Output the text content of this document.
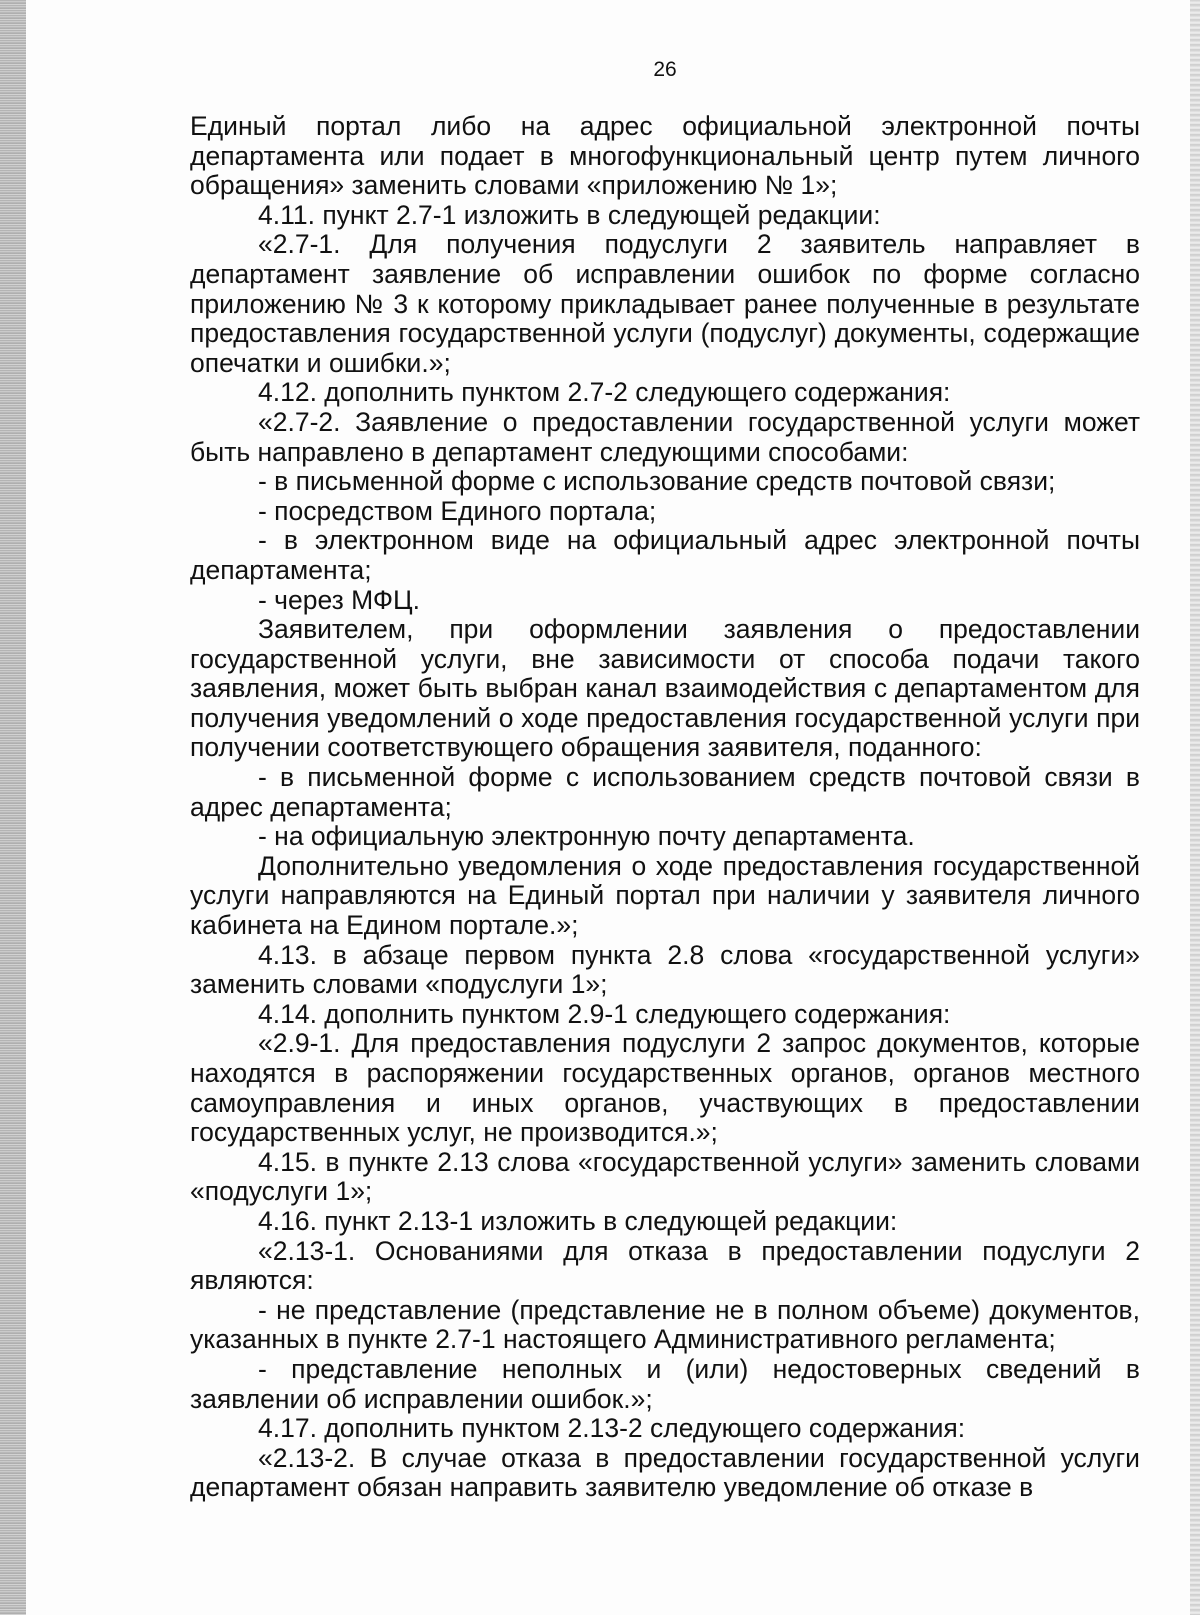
26

Единый портал либо на адрес официальной электронной почты департамента или подает в многофункциональный центр путем личного обращения» заменить словами «приложению № 1»;

4.11. пункт 2.7-1 изложить в следующей редакции:

«2.7-1. Для получения подуслуги 2 заявитель направляет в департамент заявление об исправлении ошибок по форме согласно приложению № 3 к которому прикладывает ранее полученные в результате предоставления государственной услуги (подуслуг) документы, содержащие опечатки и ошибки.»;

4.12. дополнить пунктом 2.7-2 следующего содержания:

«2.7-2. Заявление о предоставлении государственной услуги может быть направлено в департамент следующими способами:

- в письменной форме с использование средств почтовой связи;

- посредством Единого портала;

- в электронном виде на официальный адрес электронной почты департамента;

- через МФЦ.

Заявителем, при оформлении заявления о предоставлении государственной услуги, вне зависимости от способа подачи такого заявления, может быть выбран канал взаимодействия с департаментом для получения уведомлений о ходе предоставления государственной услуги при получении соответствующего обращения заявителя, поданного:

- в письменной форме с использованием средств почтовой связи в адрес департамента;

- на официальную электронную почту департамента.

Дополнительно уведомления о ходе предоставления государственной услуги направляются на Единый портал при наличии у заявителя личного кабинета на Едином портале.»;

4.13. в абзаце первом пункта 2.8 слова «государственной услуги» заменить словами «подуслуги 1»;

4.14. дополнить пунктом 2.9-1 следующего содержания:

«2.9-1. Для предоставления подуслуги 2 запрос документов, которые находятся в распоряжении государственных органов, органов местного самоуправления и иных органов, участвующих в предоставлении государственных услуг, не производится.»;

4.15. в пункте 2.13 слова «государственной услуги» заменить словами «подуслуги 1»;

4.16. пункт 2.13-1 изложить в следующей редакции:

«2.13-1. Основаниями для отказа в предоставлении подуслуги 2 являются:

- не представление (представление не в полном объеме) документов, указанных в пункте 2.7-1 настоящего Административного регламента;

- представление неполных и (или) недостоверных сведений в заявлении об исправлении ошибок.»;

4.17. дополнить пунктом 2.13-2 следующего содержания:

«2.13-2. В случае отказа в предоставлении государственной услуги департамент обязан направить заявителю уведомление об отказе в
